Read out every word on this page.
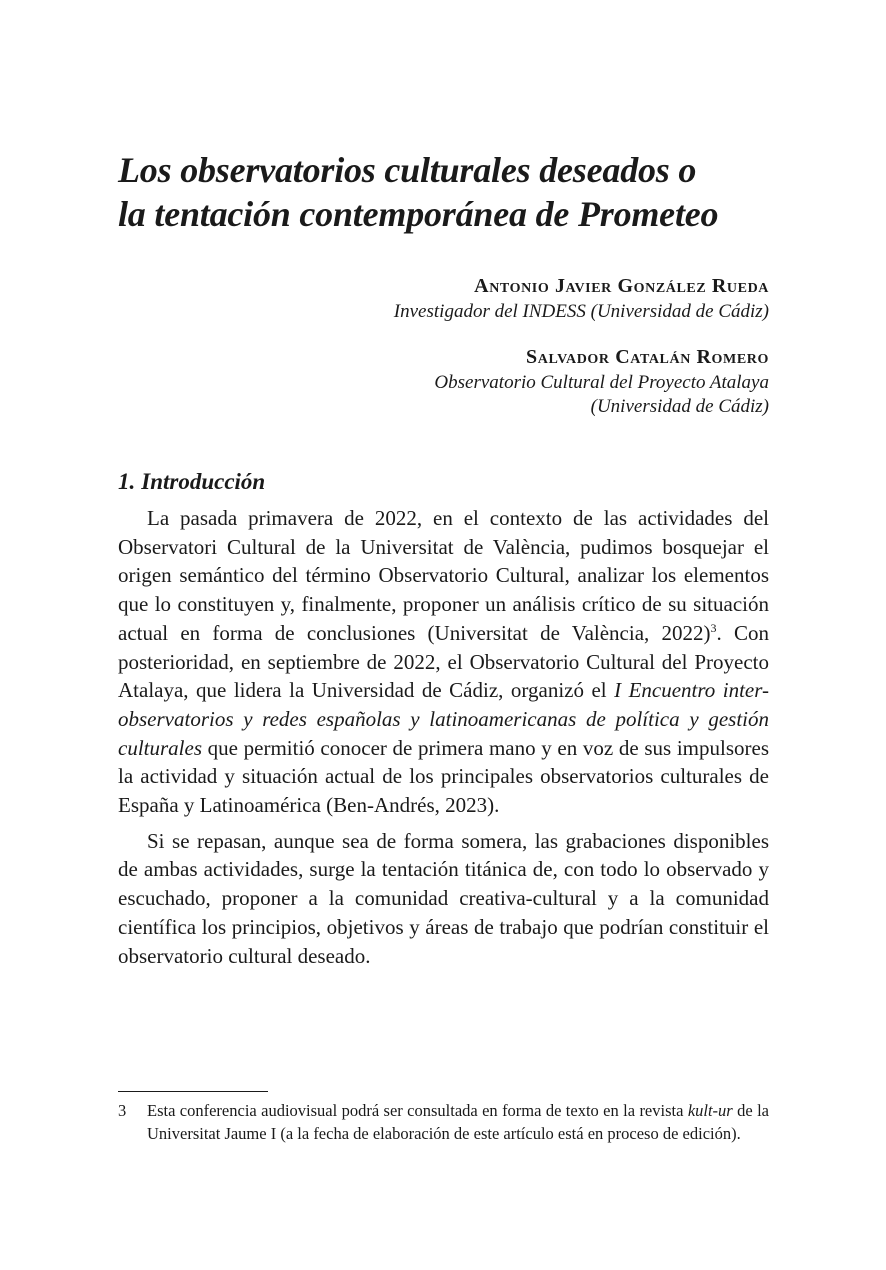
Los observatorios culturales deseados o
la tentación contemporánea de Prometeo
Antonio Javier González Rueda
Investigador del INDESS (Universidad de Cádiz)
Salvador Catalán Romero
Observatorio Cultural del Proyecto Atalaya
(Universidad de Cádiz)
1. Introducción

La pasada primavera de 2022, en el contexto de las actividades del Observatori Cultural de la Universitat de València, pudimos bosquejar el origen semántico del término Observatorio Cultural, analizar los elementos que lo constituyen y, finalmente, proponer un análisis crítico de su situación actual en forma de conclusiones (Universitat de València, 2022)$^3$. Con posterioridad, en septiembre de 2022, el Observatorio Cultural del Proyecto Atalaya, que lidera la Universidad de Cádiz, organizó el I Encuentro inter-observatorios y redes españolas y latinoamericanas de política y gestión culturales que permitió conocer de primera mano y en voz de sus impulsores la actividad y situación actual de los principales observatorios culturales de España y Latinoamérica (Ben-Andrés, 2023).

Si se repasan, aunque sea de forma somera, las grabaciones disponibles de ambas actividades, surge la tentación titánica de, con todo lo observado y escuchado, proponer a la comunidad creativa-cultural y a la comunidad científica los principios, objetivos y áreas de trabajo que podrían constituir el observatorio cultural deseado.

3 Esta conferencia audiovisual podrá ser consultada en forma de texto en la revista kult-ur de la Universitat Jaume I (a la fecha de elaboración de este artículo está en proceso de edición).
